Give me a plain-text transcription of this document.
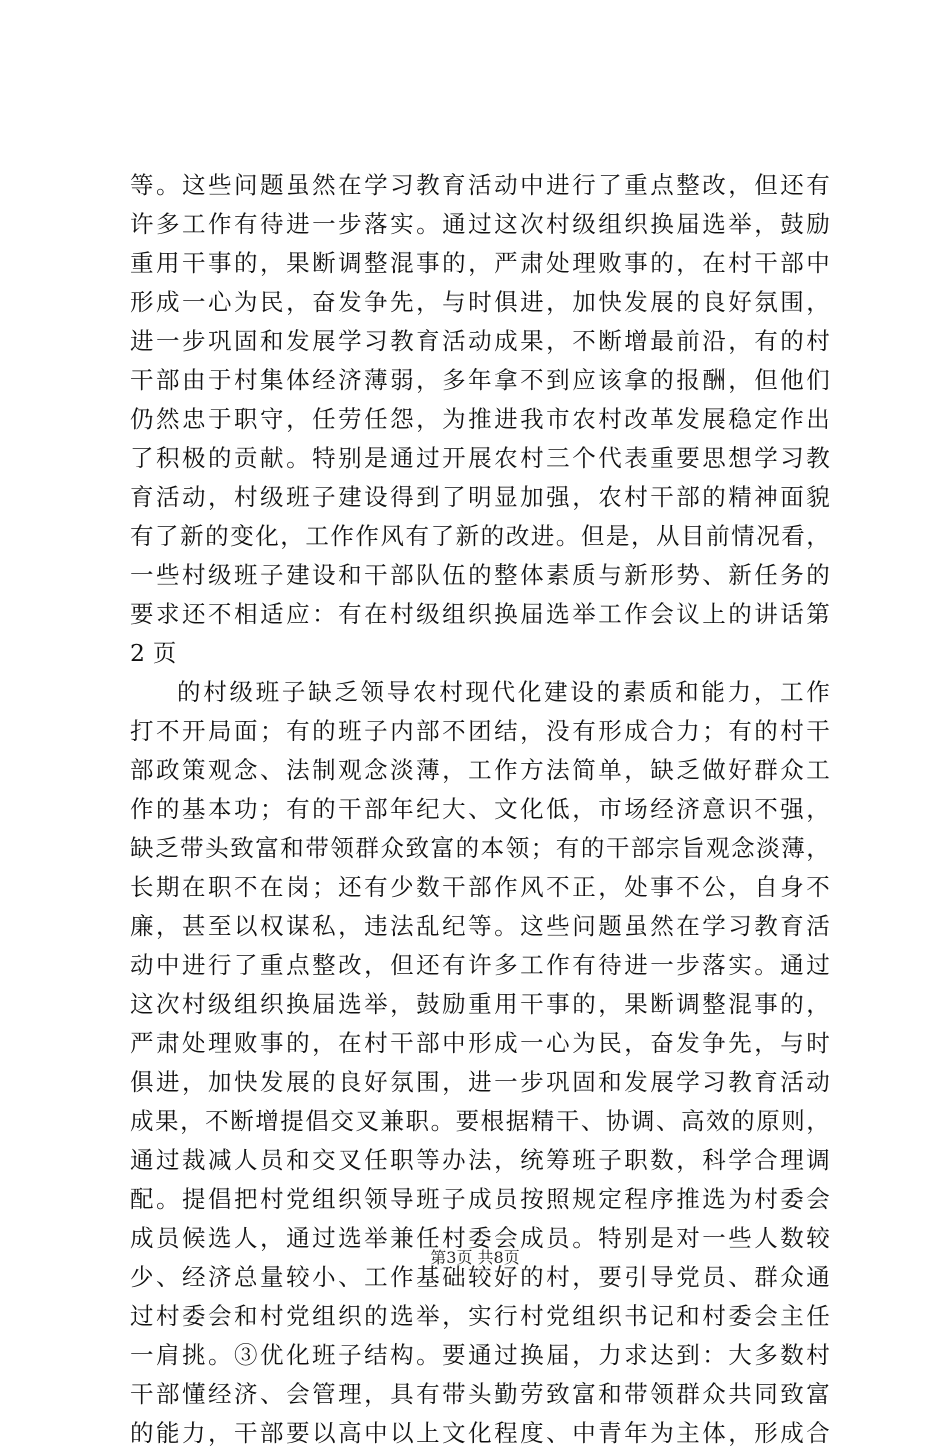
等。这些问题虽然在学习教育活动中进行了重点整改，但还有
许多工作有待进一步落实。通过这次村级组织换届选举，鼓励
重用干事的，果断调整混事的，严肃处理败事的，在村干部中
形成一心为民，奋发争先，与时俱进，加快发展的良好氛围，
进一步巩固和发展学习教育活动成果，不断增最前沿，有的村
干部由于村集体经济薄弱，多年拿不到应该拿的报酬，但他们
仍然忠于职守，任劳任怨，为推进我市农村改革发展稳定作出
了积极的贡献。特别是通过开展农村三个代表重要思想学习教
育活动，村级班子建设得到了明显加强，农村干部的精神面貌
有了新的变化，工作作风有了新的改进。但是，从目前情况看，
一些村级班子建设和干部队伍的整体素质与新形势、新任务的
要求还不相适应：有在村级组织换届选举工作会议上的讲话第
2 页
的村级班子缺乏领导农村现代化建设的素质和能力，工作
打不开局面；有的班子内部不团结，没有形成合力；有的村干
部政策观念、法制观念淡薄，工作方法简单，缺乏做好群众工
作的基本功；有的干部年纪大、文化低，市场经济意识不强，
缺乏带头致富和带领群众致富的本领；有的干部宗旨观念淡薄，
长期在职不在岗；还有少数干部作风不正，处事不公，自身不
廉，甚至以权谋私，违法乱纪等。这些问题虽然在学习教育活
动中进行了重点整改，但还有许多工作有待进一步落实。通过
这次村级组织换届选举，鼓励重用干事的，果断调整混事的，
严肃处理败事的，在村干部中形成一心为民，奋发争先，与时
俱进，加快发展的良好氛围，进一步巩固和发展学习教育活动
成果，不断增提倡交叉兼职。要根据精干、协调、高效的原则，
通过裁减人员和交叉任职等办法，统筹班子职数，科学合理调
配。提倡把村党组织领导班子成员按照规定程序推选为村委会
成员候选人，通过选举兼任村委会成员。特别是对一些人数较
少、经济总量较小、工作基础较好的村，要引导党员、群众通
过村委会和村党组织的选举，实行村党组织书记和村委会主任
一肩挑。③优化班子结构。要通过换届，力求达到：大多数村
干部懂经济、会管理，具有带头勤劳致富和带领群众共同致富
的能力，干部要以高中以上文化程度、中青年为主体，形成合
第3页 共8页
